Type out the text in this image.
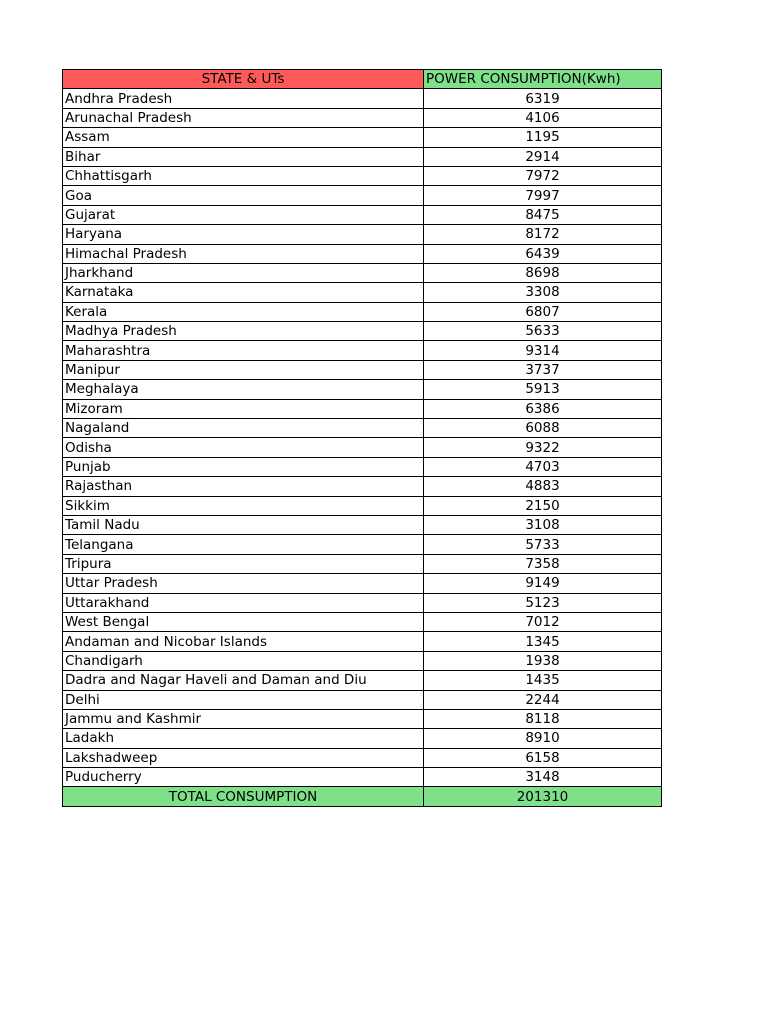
STATE & UTs	POWER CONSUMPTION(Kwh)
Andhra Pradesh	6319
Arunachal Pradesh	4106
Assam	1195
Bihar	2914
Chhattisgarh	7972
Goa	7997
Gujarat	8475
Haryana	8172
Himachal Pradesh	6439
Jharkhand	8698
Karnataka	3308
Kerala	6807
Madhya Pradesh	5633
Maharashtra	9314
Manipur	3737
Meghalaya	5913
Mizoram	6386
Nagaland	6088
Odisha	9322
Punjab	4703
Rajasthan	4883
Sikkim	2150
Tamil Nadu	3108
Telangana	5733
Tripura	7358
Uttar Pradesh	9149
Uttarakhand	5123
West Bengal	7012
Andaman and Nicobar Islands	1345
Chandigarh	1938
Dadra and Nagar Haveli and Daman and Diu	1435
Delhi	2244
Jammu and Kashmir	8118
Ladakh	8910
Lakshadweep	6158
Puducherry	3148
TOTAL CONSUMPTION	201310
